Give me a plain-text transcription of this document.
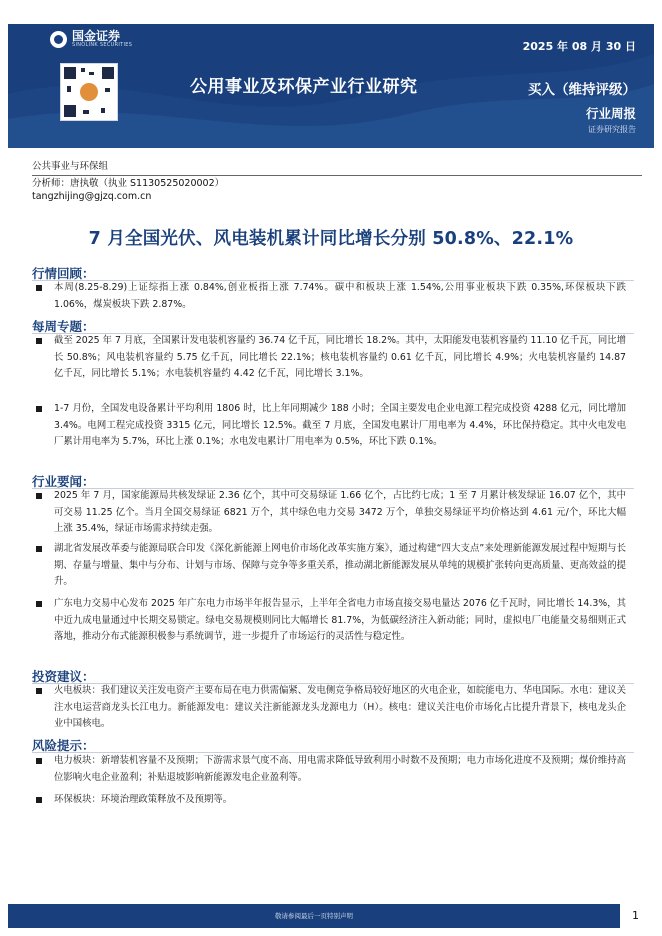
国金证券
SINOLINK SECURITIES	2025 年 08 月 30 日
公用事业及环保产业行业研究	买入（维持评级）
行业周报
证券研究报告
公共事业与环保组
分析师：唐执敬（执业 S1130525020002）
tangzhijing@gjzq.com.cn
7 月全国光伏、风电装机累计同比增长分别 50.8%、22.1%
行情回顾：
本周(8.25-8.29)上证综指上涨 0.84%,创业板指上涨 7.74%。碳中和板块上涨 1.54%,公用事业板块下跌 0.35%,环保板块下跌 1.06%，煤炭板块下跌 2.87%。
每周专题：
截至 2025 年 7 月底，全国累计发电装机容量约 36.74 亿千瓦，同比增长 18.2%。其中，太阳能发电装机容量约 11.10 亿千瓦，同比增长 50.8%；风电装机容量约 5.75 亿千瓦，同比增长 22.1%；核电装机容量约 0.61 亿千瓦，同比增长 4.9%；火电装机容量约 14.87 亿千瓦，同比增长 5.1%；水电装机容量约 4.42 亿千瓦，同比增长 3.1%。
1-7 月份，全国发电设备累计平均利用 1806 时，比上年同期减少 188 小时；全国主要发电企业电源工程完成投资 4288 亿元，同比增加 3.4%。电网工程完成投资 3315 亿元，同比增长 12.5%。截至 7 月底，全国发电累计厂用电率为 4.4%，环比保持稳定。其中火电发电厂累计用电率为 5.7%，环比上涨 0.1%；水电发电累计厂用电率为 0.5%，环比下跌 0.1%。
行业要闻：
2025 年 7 月，国家能源局共核发绿证 2.36 亿个，其中可交易绿证 1.66 亿个，占比约七成；1 至 7 月累计核发绿证 16.07 亿个，其中可交易 11.25 亿个。当月全国交易绿证 6821 万个，其中绿色电力交易 3472 万个，单独交易绿证平均价格达到 4.61 元/个，环比大幅上涨 35.4%，绿证市场需求持续走强。
湖北省发展改革委与能源局联合印发《深化新能源上网电价市场化改革实施方案》，通过构建“四大支点”来处理新能源发展过程中短期与长期、存量与增量、集中与分布、计划与市场、保障与竞争等多重关系，推动湖北新能源发展从单纯的规模扩张转向更高质量、更高效益的提升。
广东电力交易中心发布 2025 年广东电力市场半年报告显示，上半年全省电力市场直接交易电量达 2076 亿千瓦时，同比增长 14.3%，其中近九成电量通过中长期交易锁定。绿电交易规模则同比大幅增长 81.7%，为低碳经济注入新动能；同时，虚拟电厂电能量交易细则正式落地，推动分布式能源积极参与系统调节，进一步提升了市场运行的灵活性与稳定性。
投资建议：
火电板块：我们建议关注发电资产主要布局在电力供需偏紧、发电侧竞争格局较好地区的火电企业，如皖能电力、华电国际。水电：建议关注水电运营商龙头长江电力。新能源发电：建议关注新能源龙头龙源电力（H）。核电：建议关注电价市场化占比提升背景下，核电龙头企业中国核电。
风险提示：
电力板块：新增装机容量不及预期；下游需求景气度不高、用电需求降低导致利用小时数不及预期；电力市场化进度不及预期；煤价维持高位影响火电企业盈利；补贴退坡影响新能源发电企业盈利等。
环保板块：环境治理政策释放不及预期等。
敬请参阅最后一页特别声明	1
